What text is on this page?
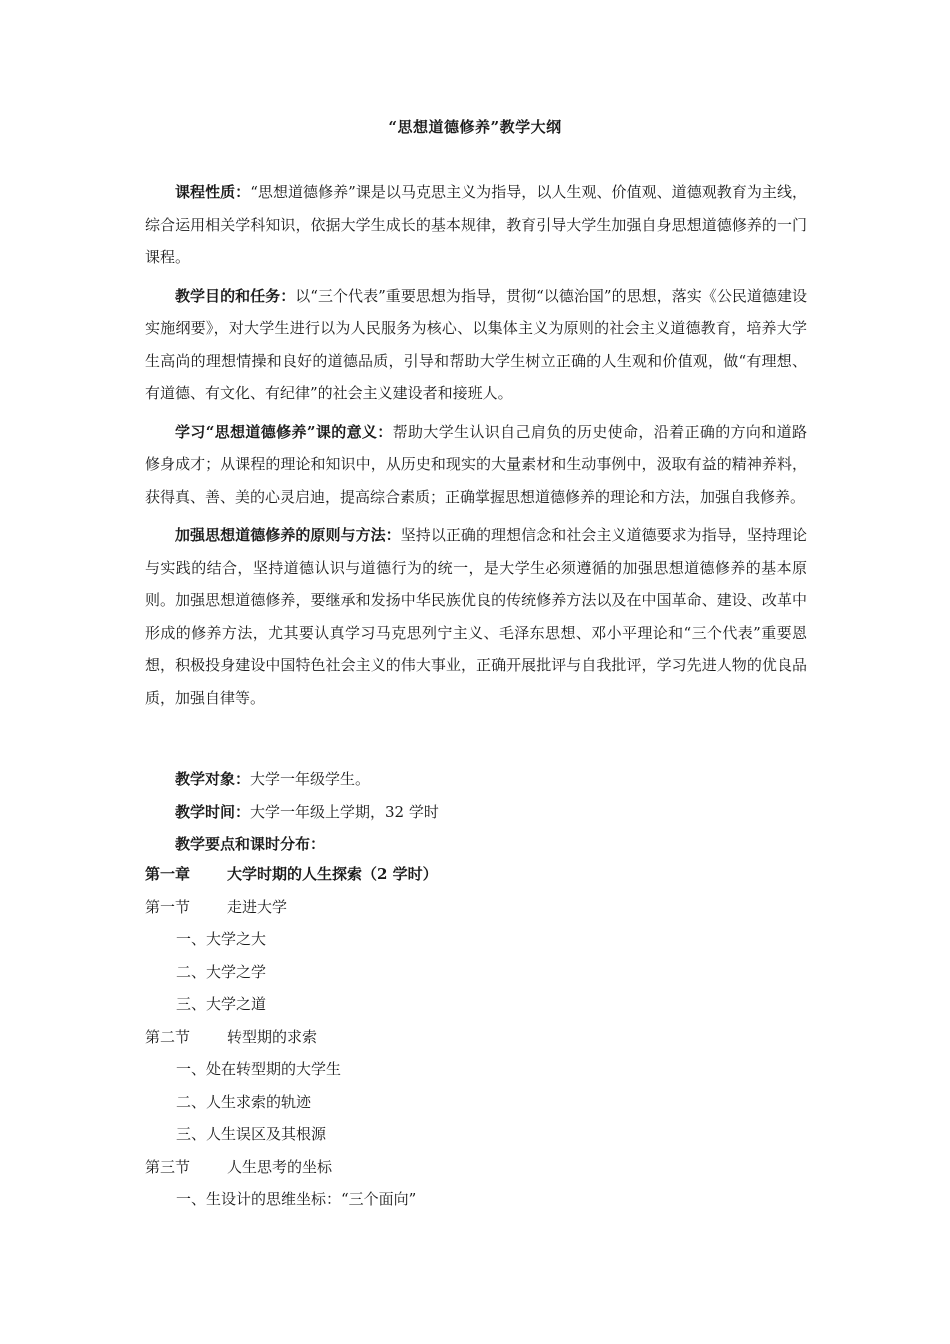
“思想道德修养”教学大纲

课程性质：“思想道德修养”课是以马克思主义为指导，以人生观、价值观、道德观教育为主线，综合运用相关学科知识，依据大学生成长的基本规律，教育引导大学生加强自身思想道德修养的一门课程。

教学目的和任务：以“三个代表”重要思想为指导，贯彻“以德治国”的思想，落实《公民道德建设实施纲要》，对大学生进行以为人民服务为核心、以集体主义为原则的社会主义道德教育，培养大学生高尚的理想情操和良好的道德品质，引导和帮助大学生树立正确的人生观和价值观，做“有理想、有道德、有文化、有纪律”的社会主义建设者和接班人。

学习“思想道德修养”课的意义：帮助大学生认识自己肩负的历史使命，沿着正确的方向和道路修身成才；从课程的理论和知识中，从历史和现实的大量素材和生动事例中，汲取有益的精神养料，获得真、善、美的心灵启迪，提高综合素质；正确掌握思想道德修养的理论和方法，加强自我修养。

加强思想道德修养的原则与方法：坚持以正确的理想信念和社会主义道德要求为指导，坚持理论与实践的结合，坚持道德认识与道德行为的统一，是大学生必须遵循的加强思想道德修养的基本原则。加强思想道德修养，要继承和发扬中华民族优良的传统修养方法以及在中国革命、建设、改革中形成的修养方法，尤其要认真学习马克思列宁主义、毛泽东思想、邓小平理论和“三个代表”重要恩想，积极投身建设中国特色社会主义的伟大事业，正确开展批评与自我批评，学习先进人物的优良品质，加强自律等。

教学对象：大学一年级学生。

教学时间：大学一年级上学期，32 学时

教学要点和课时分布：

第一章 大学时期的人生探索（2 学时）
第一节 走进大学
一、大学之大
二、大学之学
三、大学之道
第二节 转型期的求索
一、处在转型期的大学生
二、人生求索的轨迹
三、人生误区及其根源
第三节 人生思考的坐标
一、生设计的思维坐标：“三个面向”
